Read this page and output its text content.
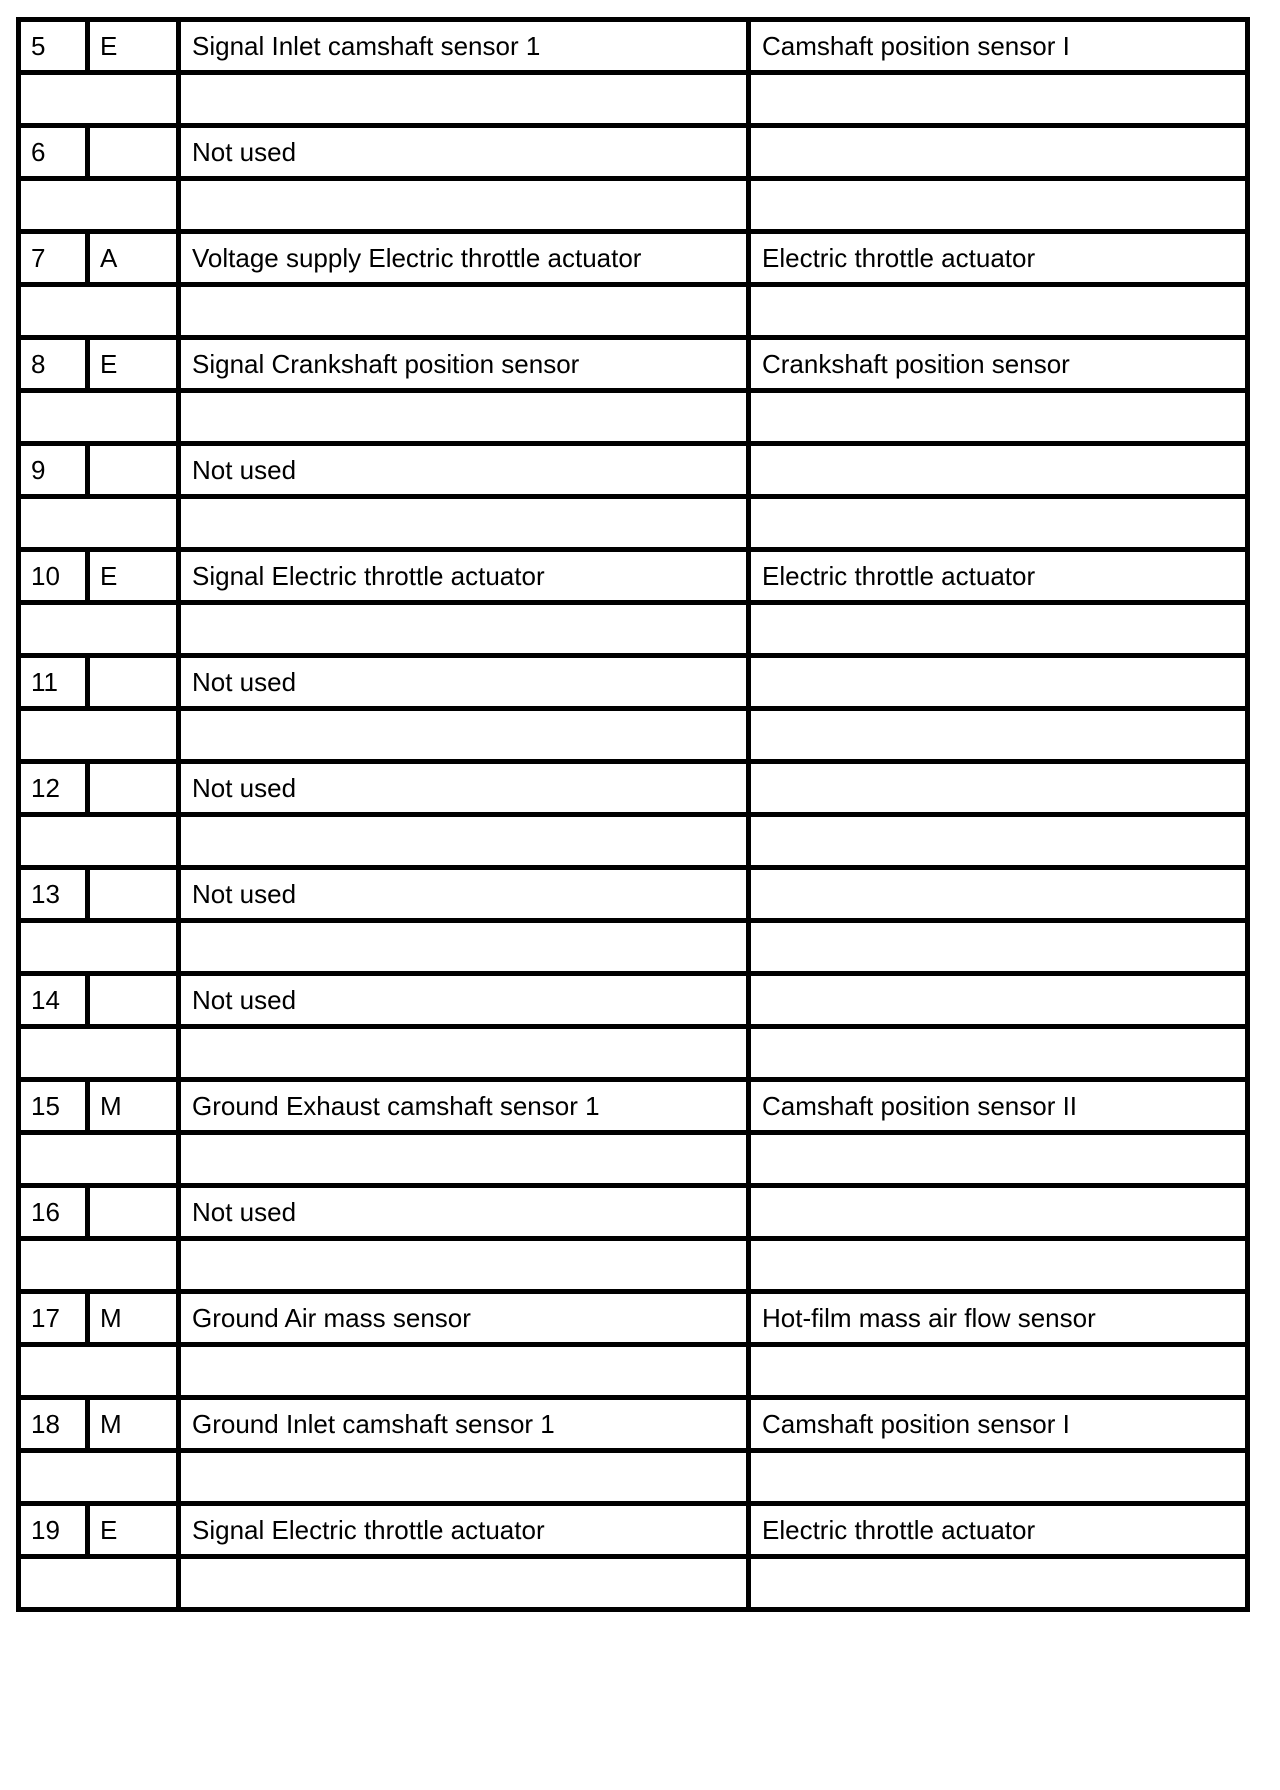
5	E	Signal Inlet camshaft sensor 1	Camshaft position sensor I

6		Not used	

7	A	Voltage supply Electric throttle actuator	Electric throttle actuator

8	E	Signal Crankshaft position sensor	Crankshaft position sensor

9		Not used	

10	E	Signal Electric throttle actuator	Electric throttle actuator

11		Not used	

12		Not used	

13		Not used	

14		Not used	

15	M	Ground Exhaust camshaft sensor 1	Camshaft position sensor II

16		Not used	

17	M	Ground Air mass sensor	Hot-film mass air flow sensor

18	M	Ground Inlet camshaft sensor 1	Camshaft position sensor I

19	E	Signal Electric throttle actuator	Electric throttle actuator
